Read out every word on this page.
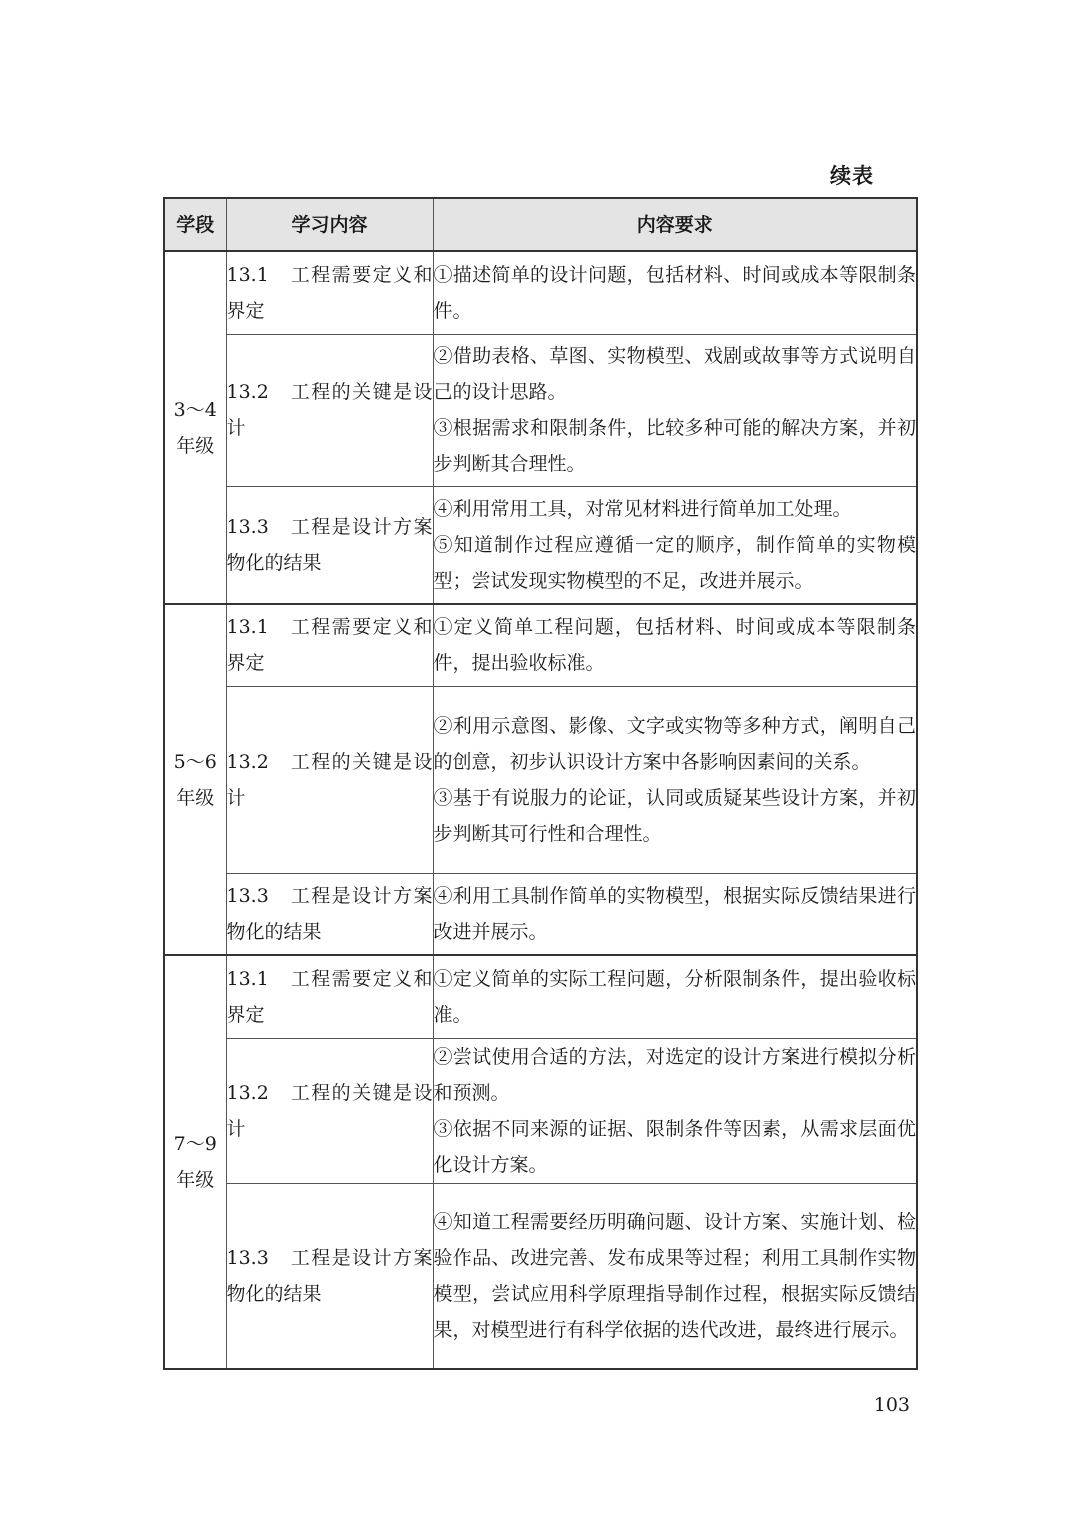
续表
学段	学习内容	内容要求
3～4
年级	13.1　工程需要定义和界定	①描述简单的设计问题，包括材料、时间或成本等限制条件。

	13.2　工程的关键是设计	②借助表格、草图、实物模型、戏剧或故事等方式说明自己的设计思路。

③根据需求和限制条件，比较多种可能的解决方案，并初步判断其合理性。

	13.3　工程是设计方案物化的结果	④利用常用工具，对常见材料进行简单加工处理。

⑤知道制作过程应遵循一定的顺序，制作简单的实物模型；尝试发现实物模型的不足，改进并展示。

5～6
年级	13.1　工程需要定义和界定	①定义简单工程问题，包括材料、时间或成本等限制条件，提出验收标准。

	13.2　工程的关键是设计	②利用示意图、影像、文字或实物等多种方式，阐明自己的创意，初步认识设计方案中各影响因素间的关系。

③基于有说服力的论证，认同或质疑某些设计方案，并初步判断其可行性和合理性。

	13.3　工程是设计方案物化的结果	④利用工具制作简单的实物模型，根据实际反馈结果进行改进并展示。

7～9
年级	13.1　工程需要定义和界定	①定义简单的实际工程问题，分析限制条件，提出验收标准。

	13.2　工程的关键是设计	②尝试使用合适的方法，对选定的设计方案进行模拟分析和预测。

③依据不同来源的证据、限制条件等因素，从需求层面优化设计方案。

	13.3　工程是设计方案物化的结果	④知道工程需要经历明确问题、设计方案、实施计划、检验作品、改进完善、发布成果等过程；利用工具制作实物模型，尝试应用科学原理指导制作过程，根据实际反馈结果，对模型进行有科学依据的迭代改进，最终进行展示。

103
